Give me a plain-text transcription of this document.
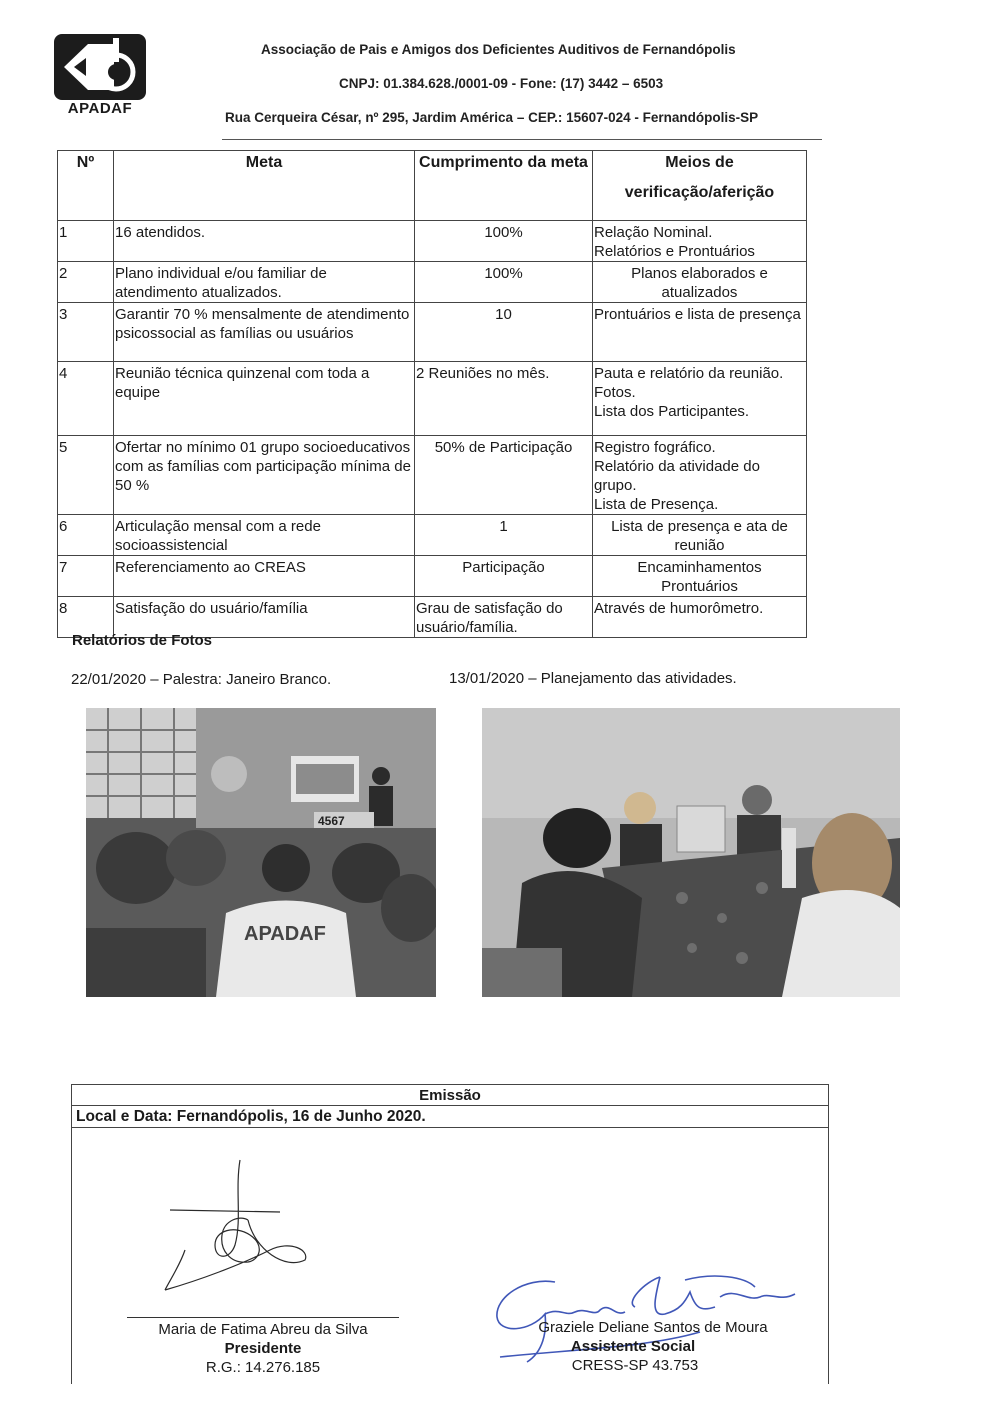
APADAF
Associação de Pais e Amigos dos Deficientes Auditivos de Fernandópolis
CNPJ: 01.384.628./0001-09 - Fone: (17) 3442 – 6503
Rua Cerqueira César, nº 295, Jardim América – CEP.: 15607-024 - Fernandópolis-SP
Nº	Meta	Cumprimento da meta	Meios de
verificação/aferição

1	16 atendidos.	100%	Relação Nominal.
Relatórios e Prontuários
2	Plano individual e/ou familiar de atendimento atualizados.	100%	Planos elaborados e atualizados
3	Garantir 70 % mensalmente de atendimento psicossocial as famílias ou usuários	10	Prontuários e lista de presença
4	Reunião técnica quinzenal com toda a equipe	2 Reuniões no mês.	Pauta e relatório da reunião.
Fotos.
Lista dos Participantes.
5	Ofertar no mínimo 01 grupo socioeducativos com as famílias com participação mínima de 50 %	50% de Participação	Registro fográfico.
Relatório da atividade do grupo.
Lista de Presença.
6	Articulação mensal com a rede socioassistencial	1	Lista de presença e ata de reunião
7	Referenciamento ao CREAS	Participação	Encaminhamentos
Prontuários
8	Satisfação do usuário/família	Grau de satisfação do usuário/família.	Através de humorômetro.
Relatórios de Fotos
22/01/2020 – Palestra: Janeiro Branco.	13/01/2020 – Planejamento das atividades.
4567
APADAF
Emissão
Local e Data: Fernandópolis, 16 de Junho 2020.
Maria de Fatima Abreu da Silva
Presidente
R.G.: 14.276.185
Graziele Deliane Santos de Moura
Assistente Social
CRESS-SP 43.753
